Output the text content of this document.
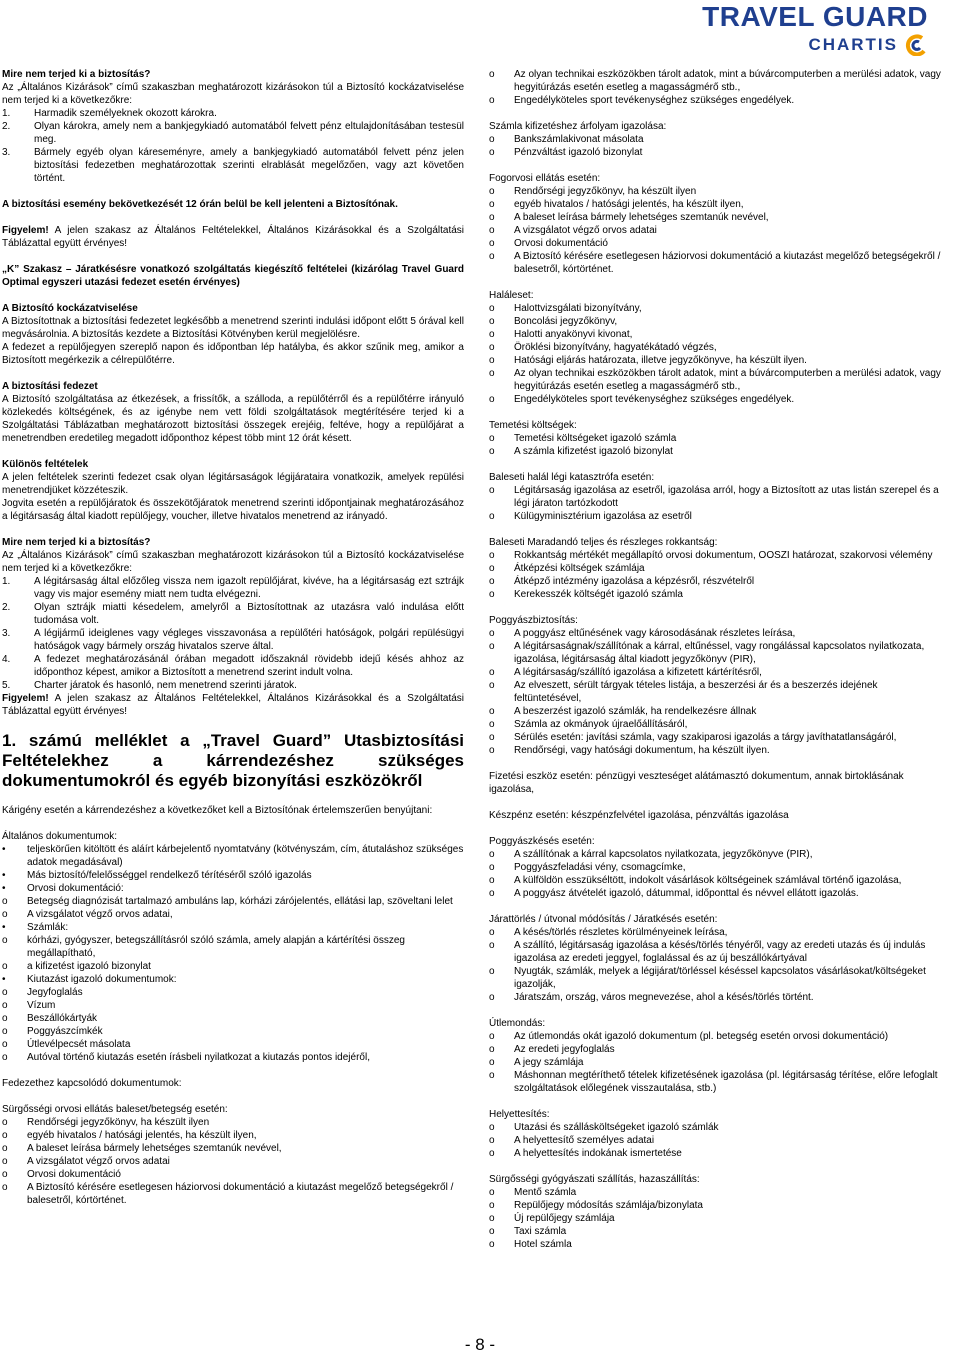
TRAVEL GUARD
CHARTIS

Mire nem terjed ki a biztosítás?

Az „Általános Kizárások” című szakaszban meghatározott kizárásokon túl a Biztosító kockázatviselése nem terjed ki a következőkre:

1.	Harmadik személyeknek okozott károkra.
2.	Olyan károkra, amely nem a bankjegykiadó automatából felvett pénz eltulajdonításában testesül meg.
3.	Bármely egyéb olyan káreseményre, amely a bankjegykiadó automatából felvett pénz jelen biztosítási fedezetben meghatározottak szerinti elrablását megelőzően, vagy azt követően történt.

A biztosítási esemény bekövetkezését 12 órán belül be kell jelenteni a Biztosítónak.

Figyelem! A jelen szakasz az Általános Feltételekkel, Általános Kizárásokkal és a Szolgáltatási Táblázattal együtt érvényes!

„K” Szakasz – Járatkésésre vonatkozó szolgáltatás kiegészítő feltételei (kizárólag Travel Guard Optimal egyszeri utazási fedezet esetén érvényes)

A Biztosító kockázatviselése

A Biztosítottnak a biztosítási fedezetet legkésőbb a menetrend szerinti indulási időpont előtt 5 órával kell megvásárolnia. A biztosítás kezdete a Biztosítási Kötvényben kerül megjelölésre.

A fedezet a repülőjegyen szereplő napon és időpontban lép hatályba, és akkor szűnik meg, amikor a Biztosított megérkezik a célrepülőtérre.

A biztosítási fedezet

A Biztosító szolgáltatása az étkezések, a frissítők, a szálloda, a repülőtérről és a repülőtérre irányuló közlekedés költségének, és az igénybe nem vett földi szolgáltatások megtérítésére terjed ki a Szolgáltatási Táblázatban meghatározott biztosítási összegek erejéig, feltéve, hogy a repülőjárat a menetrendben eredetileg megadott időponthoz képest több mint 12 órát késett.

Különös feltételek

A jelen feltételek szerinti fedezet csak olyan légitársaságok légijárataira vonatkozik, amelyek repülési menetrendjüket közzéteszik.

Jogvita esetén a repülőjáratok és összekötőjáratok menetrend szerinti időpontjainak meghatározásához a légitársaság által kiadott repülőjegy, voucher, illetve hivatalos menetrend az irányadó.

Mire nem terjed ki a biztosítás?

Az „Általános Kizárások” című szakaszban meghatározott kizárásokon túl a Biztosító kockázatviselése nem terjed ki a következőkre:

1.	A légitársaság által előzőleg vissza nem igazolt repülőjárat, kivéve, ha a légitársaság ezt sztrájk vagy vis major esemény miatt nem tudta elvégezni.
2.	Olyan sztrájk miatti késedelem, amelyről a Biztosítottnak az utazásra való indulása előtt tudomása volt.
3.	A légijármű ideiglenes vagy végleges visszavonása a repülőtéri hatóságok, polgári repülésügyi hatóságok vagy bármely ország hivatalos szerve által.
4.	A fedezet meghatározásánál órában megadott időszaknál rövidebb idejű késés ahhoz az időponthoz képest, amikor a Biztosított a menetrend szerint indult volna.
5.	Charter járatok és hasonló, nem menetrend szerinti járatok.

Figyelem! A jelen szakasz az Általános Feltételekkel, Általános Kizárásokkal és a Szolgáltatási Táblázattal együtt érvényes!

1. számú melléklet a „Travel Guard” Utasbiztosítási Feltételekhez a kárrendezéshez szükséges dokumentumokról és egyéb bizonyítási eszközökről

Kárigény esetén a kárrendezéshez a következőket kell a Biztosítónak értelemszerűen benyújtani:

Általános dokumentumok:

•	teljeskörűen kitöltött és aláírt kárbejelentő nyomtatvány (kötvényszám, cím, átutaláshoz szükséges adatok megadásával)
•	Más biztosító/felelősséggel rendelkező térítéséről szóló igazolás
•	Orvosi dokumentáció:
o	Betegség diagnózisát tartalmazó ambuláns lap, kórházi zárójelentés, ellátási lap, szöveltani lelet
o	A vizsgálatot végző orvos adatai,
•	Számlák:
o	kórházi, gyógyszer, betegszállításról szóló számla, amely alapján a kártérítési összeg megállapítható,
o	a kifizetést igazoló bizonylat
•	Kiutazást igazoló dokumentumok:
o	Jegyfoglalás
o	Vízum
o	Beszállókártyák
o	Poggyászcímkék
o	Útlevélpecsét másolata
o	Autóval történő kiutazás esetén írásbeli nyilatkozat a kiutazás pontos idejéről,

Fedezethez kapcsolódó dokumentumok:

Sürgősségi orvosi ellátás baleset/betegség esetén:

o	Rendőrségi jegyzőkönyv, ha készült ilyen
o	egyéb hivatalos / hatósági jelentés, ha készült ilyen,
o	A baleset leírása bármely lehetséges szemtanúk nevével,
o	A vizsgálatot végző orvos adatai
o	Orvosi dokumentáció
o	A Biztosító kérésére esetlegesen háziorvosi dokumentáció a kiutazást megelőző betegségekről / balesetről, kórtörténet.
o	Az olyan technikai eszközökben tárolt adatok, mint a búvárcomputerben a merülési adatok, vagy hegyitúrázás esetén esetleg a magasságmérő stb.,
o	Engedélyköteles sport tevékenységhez szükséges engedélyek.

Számla kifizetéshez árfolyam igazolása:

o	Bankszámlakivonat másolata
o	Pénzváltást igazoló bizonylat

Fogorvosi ellátás esetén:

o	Rendőrségi jegyzőkönyv, ha készült ilyen
o	egyéb hivatalos / hatósági jelentés, ha készült ilyen,
o	A baleset leírása bármely lehetséges szemtanúk nevével,
o	A vizsgálatot végző orvos adatai
o	Orvosi dokumentáció
o	A Biztosító kérésére esetlegesen háziorvosi dokumentáció a kiutazást megelőző betegségekről / balesetről, kórtörténet.

Haláleset:

o	Halottvizsgálati bizonyítvány,
o	Boncolási jegyzőkönyv,
o	Halotti anyakönyvi kivonat,
o	Öröklési bizonyítvány, hagyatékátadó végzés,
o	Hatósági eljárás határozata, illetve jegyzőkönyve, ha készült ilyen.
o	Az olyan technikai eszközökben tárolt adatok, mint a búvárcomputerben a merülési adatok, vagy hegyitúrázás esetén esetleg a magasságmérő stb.,
o	Engedélyköteles sport tevékenységhez szükséges engedélyek.

Temetési költségek:

o	Temetési költségeket igazoló számla
o	A számla kifizetést igazoló bizonylat

Baleseti halál légi katasztrófa esetén:

o	Légitársaság igazolása az esetről, igazolása arról, hogy a Biztosított az utas listán szerepel és a légi járaton tartózkodott
o	Külügyminisztérium igazolása az esetről

Baleseti Maradandó teljes és részleges rokkantság:

o	Rokkantság mértékét megállapító orvosi dokumentum, OOSZI határozat, szakorvosi vélemény
o	Átképzési költségek számlája
o	Átképző intézmény igazolása a képzésről, részvételről
o	Kerekesszék költségét igazoló számla

Poggyászbiztosítás:

o	A poggyász eltűnésének vagy károsodásának részletes leírása,
o	A légitársaságnak/szállítónak a kárral, eltűnéssel, vagy rongálással kapcsolatos nyilatkozata, igazolása, légitársaság által kiadott jegyzőkönyv (PIR),
o	A légitársaság/szállító igazolása a kifizetett kártérítésről,
o	Az elveszett, sérült tárgyak tételes listája, a beszerzési ár és a beszerzés idejének feltüntetésével,
o	A beszerzést igazoló számlák, ha rendelkezésre állnak
o	Számla az okmányok újraelőállításáról,
o	Sérülés esetén: javítási számla, vagy szakiparosi igazolás a tárgy javíthatatlanságáról,
o	Rendőrségi, vagy hatósági dokumentum, ha készült ilyen.

Fizetési eszköz esetén: pénzügyi veszteséget alátámasztó dokumentum, annak birtoklásának igazolása,

Készpénz esetén: készpénzfelvétel igazolása, pénzváltás igazolása

Poggyászkésés esetén:

o	A szállítónak a kárral kapcsolatos nyilatkozata, jegyzőkönyve (PIR),
o	Poggyászfeladási vény, csomagcímke,
o	A külföldön esszükséltött, indokolt vásárlások költségeinek számlával történő igazolása,
o	A poggyász átvételét igazoló, dátummal, időponttal és névvel ellátott igazolás.

Járattörlés / útvonal módósítás / Járatkésés esetén:

o	A késés/törlés részletes körülményeinek leírása,
o	A szállító, légitársaság igazolása a késés/törlés tényéről, vagy az eredeti utazás és új indulás igazolása az eredeti jeggyel, foglalással és az új beszállókártyával
o	Nyugták, számlák, melyek a légijárat/törléssel késéssel kapcsolatos vásárlásokat/költségeket igazolják,
o	Járatszám, ország, város megnevezése, ahol a késés/törlés történt.

Útlemondás:

o	Az útlemondás okát igazoló dokumentum (pl. betegség esetén orvosi dokumentáció)
o	Az eredeti jegyfoglalás
o	A jegy számlája
o	Máshonnan megtéríthető tételek kifizetésének igazolása (pl. légitársaság térítése, előre lefoglalt szolgáltatások előlegének visszautalása, stb.)

Helyettesítés:

o	Utazási és szállásköltségeket igazoló számlák
o	A helyettesítő személyes adatai
o	A helyettesítés indokának ismertetése

Sürgősségi gyógyászati szállítás, hazaszállítás:

o	Mentő számla
o	Repülőjegy módosítás számlája/bizonylata
o	Új repülőjegy számlája
o	Taxi számla
o	Hotel számla
- 8 -
